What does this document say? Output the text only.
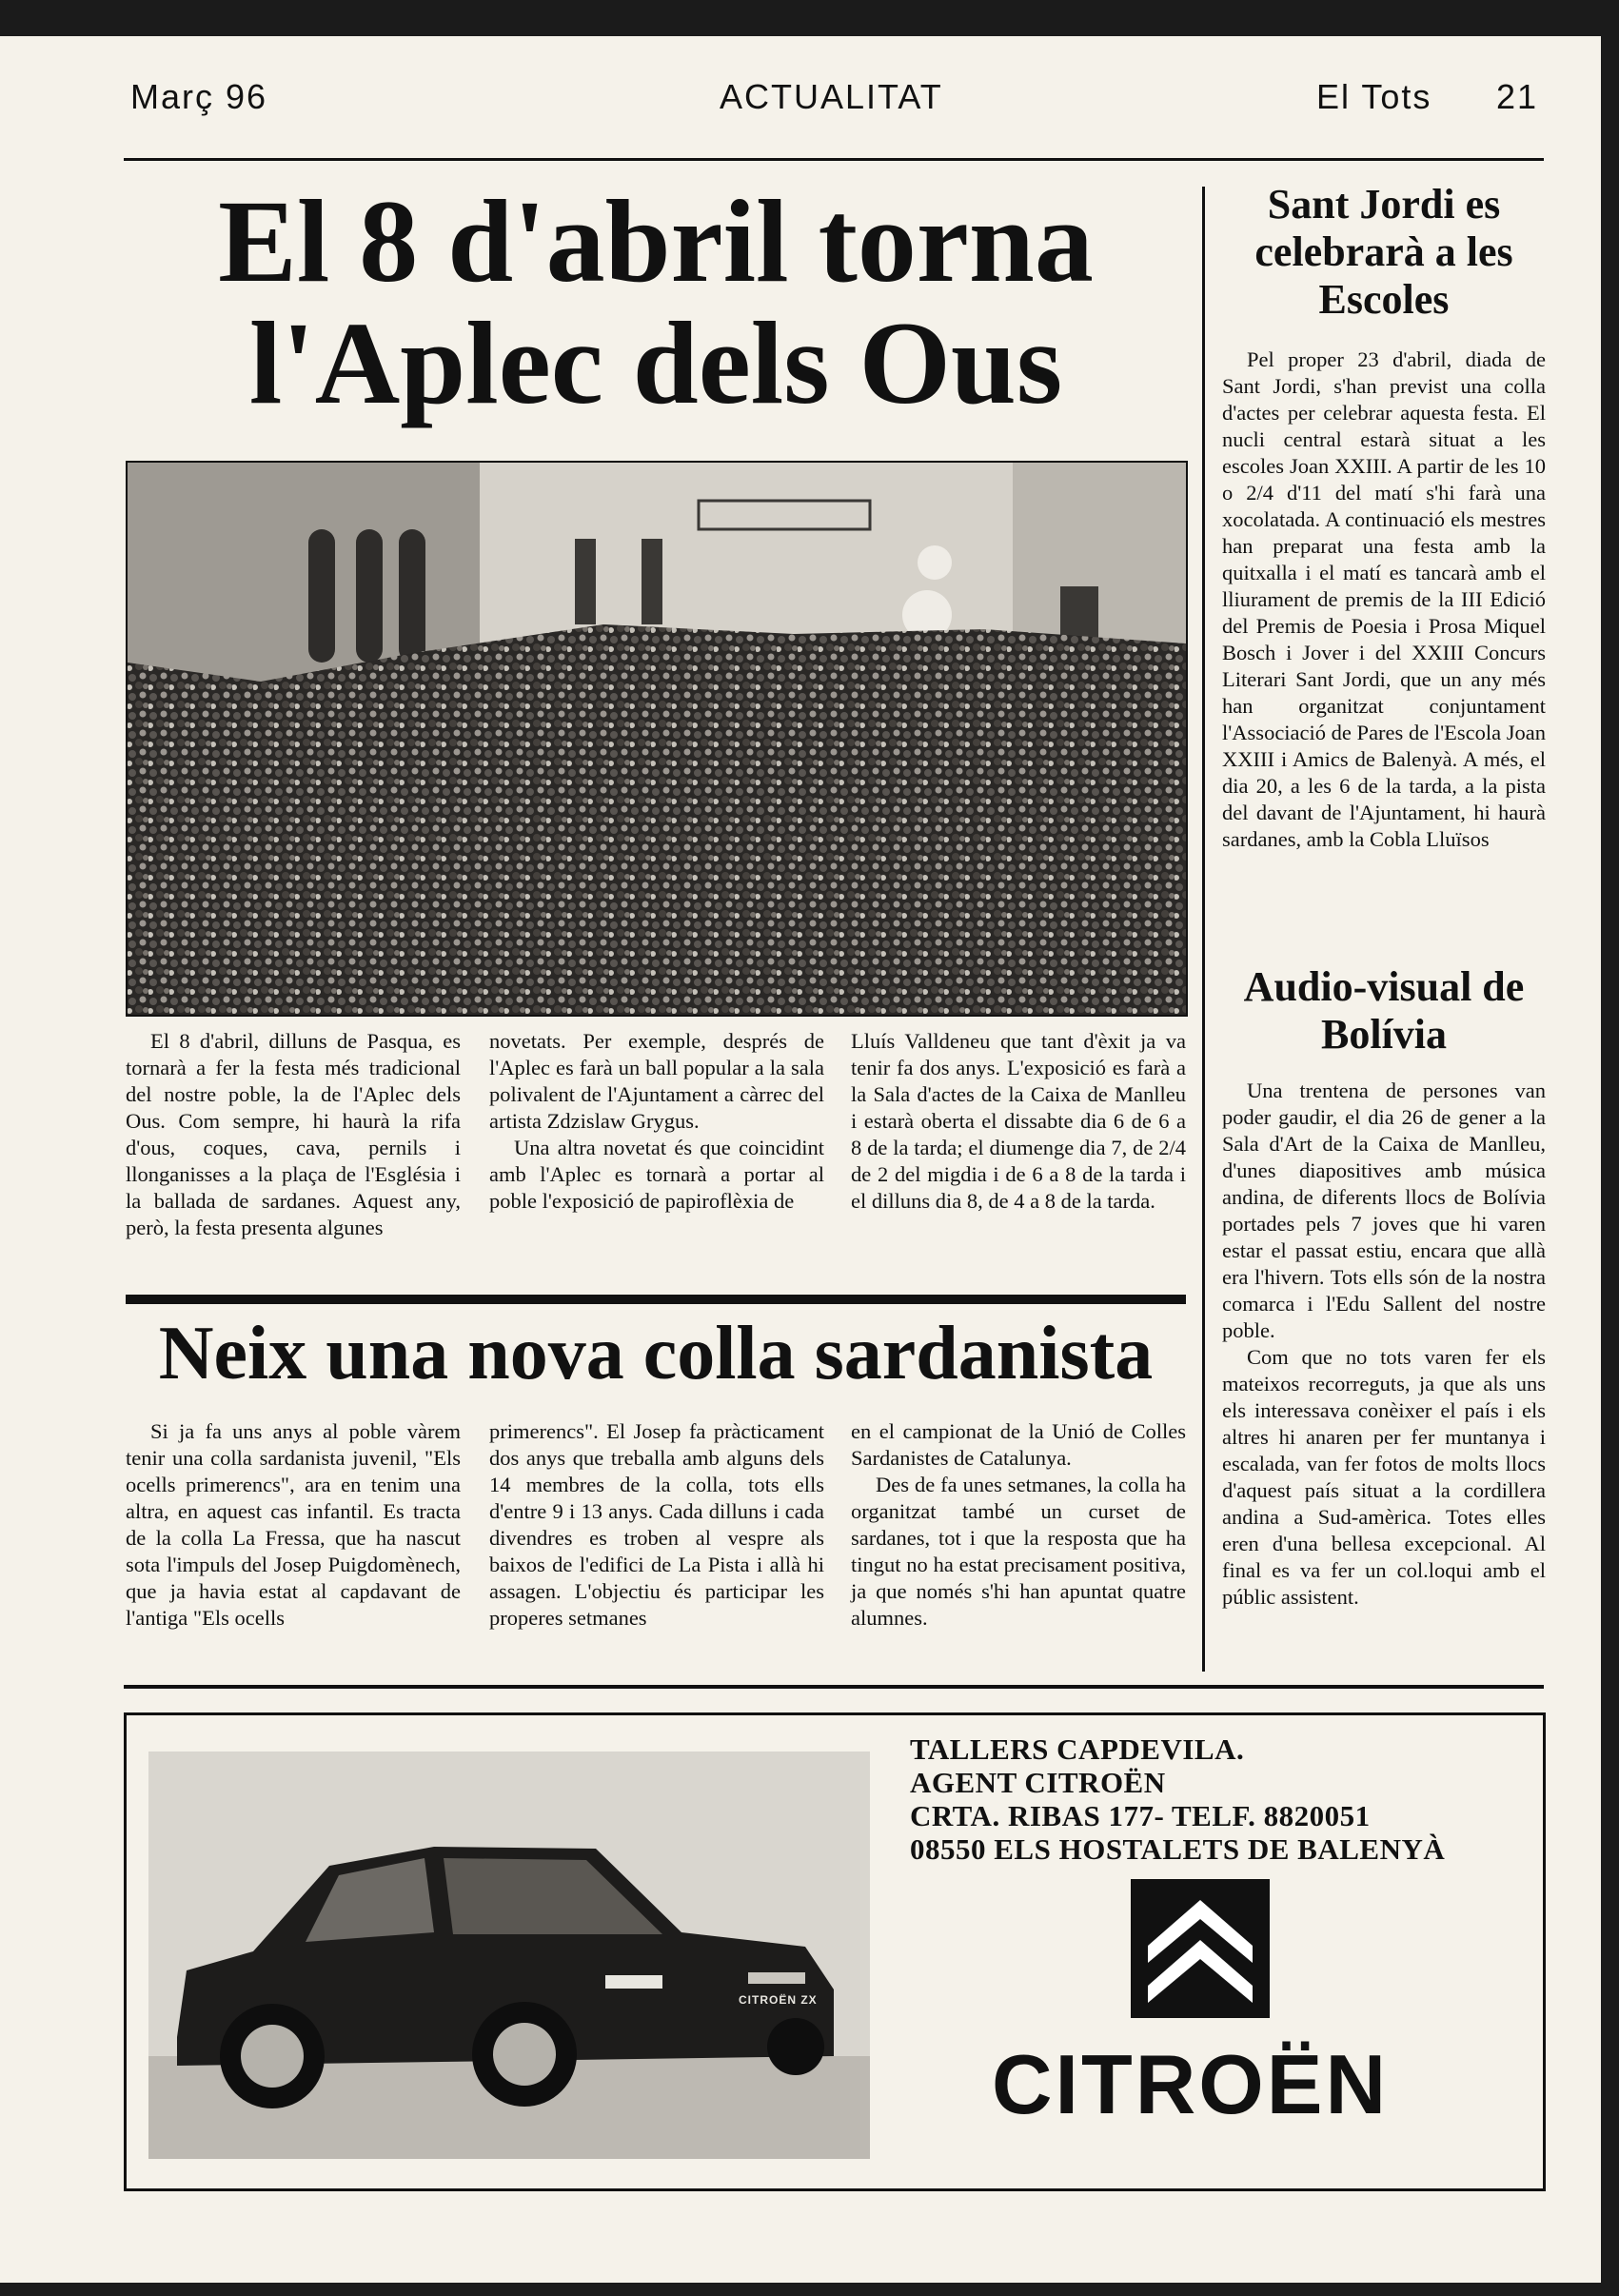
Març 96	ACTUALITAT	El Tots 21
El 8 d'abril torna
l'Aplec dels Ous

El 8 d'abril, dilluns de Pasqua, es tornarà a fer la festa més tradicional del nostre poble, la de l'Aplec dels Ous. Com sempre, hi haurà la rifa d'ous, coques, cava, pernils i llonganisses a la plaça de l'Església i la ballada de sardanes. Aquest any, però, la festa presenta algunes

novetats. Per exemple, després de l'Aplec es farà un ball popular a la sala polivalent de l'Ajuntament a càrrec del artista Zdzislaw Grygus.

Una altra novetat és que coincidint amb l'Aplec es tornarà a portar al poble l'exposició de papiroflèxia de

Lluís Valldeneu que tant d'èxit ja va tenir fa dos anys. L'exposició es farà a la Sala d'actes de la Caixa de Manlleu i estarà oberta el dissabte dia 6 de 6 a 8 de la tarda; el diumenge dia 7, de 2/4 de 2 del migdia i de 6 a 8 de la tarda i el dilluns dia 8, de 4 a 8 de la tarda.

Neix una nova colla sardanista

Si ja fa uns anys al poble vàrem tenir una colla sardanista juvenil, "Els ocells primerencs", ara en tenim una altra, en aquest cas infantil. Es tracta de la colla La Fressa, que ha nascut sota l'impuls del Josep Puigdomènech, que ja havia estat al capdavant de l'antiga "Els ocells

primerencs". El Josep fa pràcticament dos anys que treballa amb alguns dels 14 membres de la colla, tots ells d'entre 9 i 13 anys. Cada dilluns i cada divendres es troben al vespre als baixos de l'edifici de La Pista i allà hi assagen. L'objectiu és participar les properes setmanes

en el campionat de la Unió de Colles Sardanistes de Catalunya.

Des de fa unes setmanes, la colla ha organitzat també un curset de sardanes, tot i que la resposta que ha tingut no ha estat precisament positiva, ja que només s'hi han apuntat quatre alumnes.

Sant Jordi es celebrarà a les Escoles

Pel proper 23 d'abril, diada de Sant Jordi, s'han previst una colla d'actes per celebrar aquesta festa. El nucli central estarà situat a les escoles Joan XXIII. A partir de les 10 o 2/4 d'11 del matí s'hi farà una xocolatada. A continuació els mestres han preparat una festa amb la quitxalla i el matí es tancarà amb el lliurament de premis de la III Edició del Premis de Poesia i Prosa Miquel Bosch i Jover i del XXIII Concurs Literari Sant Jordi, que un any més han organitzat conjuntament l'Associació de Pares de l'Escola Joan XXIII i Amics de Balenyà. A més, el dia 20, a les 6 de la tarda, a la pista del davant de l'Ajuntament, hi haurà sardanes, amb la Cobla Lluïsos

Audio-visual de Bolívia

Una trentena de persones van poder gaudir, el dia 26 de gener a la Sala d'Art de la Caixa de Manlleu, d'unes diapositives amb música andina, de diferents llocs de Bolívia portades pels 7 joves que hi varen estar el passat estiu, encara que allà era l'hivern. Tots ells són de la nostra comarca i l'Edu Sallent del nostre poble.

Com que no tots varen fer els mateixos recorreguts, ja que als uns els interessava conèixer el país i els altres hi anaren per fer muntanya i escalada, van fer fotos de molts llocs d'aquest país situat a la cordillera andina a Sud-amèrica. Totes elles eren d'una bellesa excepcional. Al final es va fer un col.loqui amb el públic assistent.

CITROËN ZX
TALLERS CAPDEVILA.
AGENT CITROËN
CRTA. RIBAS 177- TELF. 8820051
08550 ELS HOSTALETS DE BALENYÀ
CITROËN
